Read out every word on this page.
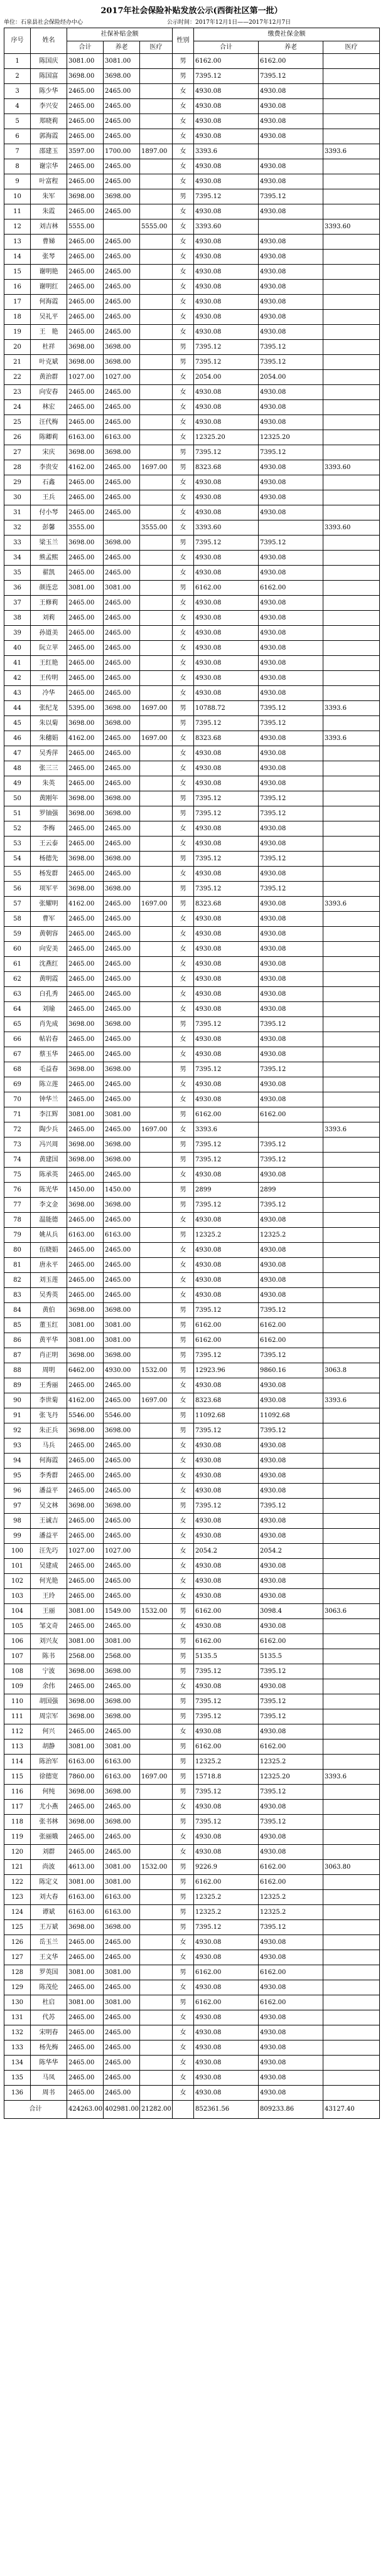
2017年社会保险补贴发放公示(西街社区第一批）
单位：石泉县社会保险经办中心	公示时间：2017年12月1日——2017年12月7日
序号	姓名	社保补贴金额			性别	缴费社保金额		
		合计	养老	医疗		合计	养老	医疗
1	陈国庆	3081.00	3081.00		男	6162.00	6162.00	
2	陈国富	3698.00	3698.00		男	7395.12	7395.12	
3	陈少华	2465.00	2465.00		女	4930.08	4930.08	
4	李兴安	2465.00	2465.00		女	4930.08	4930.08	
5	郑晓莉	2465.00	2465.00		女	4930.08	4930.08	
6	郭海霞	2465.00	2465.00		女	4930.08	4930.08	
7	邵建玉	3597.00	1700.00	1897.00	女	3393.6		3393.6
8	谢宗华	2465.00	2465.00		女	4930.08	4930.08	
9	叶富程	2465.00	2465.00		女	4930.08	4930.08	
10	朱军	3698.00	3698.00		男	7395.12	7395.12	
11	朱霞	2465.00	2465.00		女	4930.08	4930.08	
12	刘吉林	5555.00		5555.00	女	3393.60		3393.60
13	曹娣	2465.00	2465.00		女	4930.08	4930.08	
14	张琴	2465.00	2465.00		女	4930.08	4930.08	
15	谢明艳	2465.00	2465.00		女	4930.08	4930.08	
16	谢明红	2465.00	2465.00		女	4930.08	4930.08	
17	何海霞	2465.00	2465.00		女	4930.08	4930.08	
18	吴礼平	2465.00	2465.00		女	4930.08	4930.08	
19	王　艳	2465.00	2465.00		女	4930.08	4930.08	
20	杜祥	3698.00	3698.00		男	7395.12	7395.12	
21	叶克斌	3698.00	3698.00		男	7395.12	7395.12	
22	黄治群	1027.00	1027.00		女	2054.00	2054.00	
23	向安春	2465.00	2465.00		女	4930.08	4930.08	
24	林宏	2465.00	2465.00		女	4930.08	4930.08	
25	汪代梅	2465.00	2465.00		女	4930.08	4930.08	
26	陈卿莉	6163.00	6163.00		女	12325.20	12325.20	
27	宋庆	3698.00	3698.00		男	7395.12	7395.12	
28	李贵安	4162.00	2465.00	1697.00	男	8323.68	4930.08	3393.60
29	石鑫	2465.00	2465.00		女	4930.08	4930.08	
30	王兵	2465.00	2465.00		女	4930.08	4930.08	
31	付小琴	2465.00	2465.00		女	4930.08	4930.08	
32	彭馨	3555.00		3555.00	女	3393.60		3393.60
33	梁玉兰	3698.00	3698.00		男	7395.12	7395.12	
34	熊孟熙	2465.00	2465.00		女	4930.08	4930.08	
35	翟凯	2465.00	2465.00		女	4930.08	4930.08	
36	颜连忠	3081.00	3081.00		男	6162.00	6162.00	
37	王修莉	2465.00	2465.00		女	4930.08	4930.08	
38	刘莉	2465.00	2465.00		女	4930.08	4930.08	
39	孙道美	2465.00	2465.00		女	4930.08	4930.08	
40	阮立苹	2465.00	2465.00		女	4930.08	4930.08	
41	王红艳	2465.00	2465.00		女	4930.08	4930.08	
42	王传明	2465.00	2465.00		女	4930.08	4930.08	
43	冷华	2465.00	2465.00		女	4930.08	4930.08	
44	张纪龙	5395.00	3698.00	1697.00	男	10788.72	7395.12	3393.6
45	朱以菊	3698.00	3698.00		男	7395.12	7395.12	
46	朱穗娟	4162.00	2465.00	1697.00	女	8323.68	4930.08	3393.6
47	吴秀萍	2465.00	2465.00		女	4930.08	4930.08	
48	张三三	2465.00	2465.00		女	4930.08	4930.08	
49	朱英	2465.00	2465.00		女	4930.08	4930.08	
50	黄刚年	3698.00	3698.00		男	7395.12	7395.12	
51	罗铀强	3698.00	3698.00		男	7395.12	7395.12	
52	李梅	2465.00	2465.00		女	4930.08	4930.08	
53	王云泰	2465.00	2465.00		女	4930.08	4930.08	
54	杨德先	3698.00	3698.00		男	7395.12	7395.12	
55	杨发群	2465.00	2465.00		女	4930.08	4930.08	
56	项军平	3698.00	3698.00		男	7395.12	7395.12	
57	张耀明	4162.00	2465.00	1697.00	男	8323.68	4930.08	3393.6
58	曹军	2465.00	2465.00		女	4930.08	4930.08	
59	黄朝容	2465.00	2465.00		女	4930.08	4930.08	
60	向安美	2465.00	2465.00		女	4930.08	4930.08	
61	沈燕红	2465.00	2465.00		女	4930.08	4930.08	
62	黄明霞	2465.00	2465.00		女	4930.08	4930.08	
63	白孔秀	2465.00	2465.00		女	4930.08	4930.08	
64	刘瑜	2465.00	2465.00		女	4930.08	4930.08	
65	肖先成	3698.00	3698.00		男	7395.12	7395.12	
66	帖岩春	2465.00	2465.00		女	4930.08	4930.08	
67	蔡玉华	2465.00	2465.00		女	4930.08	4930.08	
68	毛益春	3698.00	3698.00		男	7395.12	7395.12	
69	陈立莲	2465.00	2465.00		女	4930.08	4930.08	
70	钟华兰	2465.00	2465.00		女	4930.08	4930.08	
71	李江辉	3081.00	3081.00		男	6162.00	6162.00	
72	陶少兵	2465.00	2465.00	1697.00	女	3393.6		3393.6
73	冯兴周	3698.00	3698.00		男	7395.12	7395.12	
74	黄建国	3698.00	3698.00		男	7395.12	7395.12	
75	陈承英	2465.00	2465.00		女	4930.08	4930.08	
76	陈光华	1450.00	1450.00		男	2899	2899	
77	李文金	3698.00	3698.00		男	7395.12	7395.12	
78	温能德	2465.00	2465.00		女	4930.08	4930.08	
79	姚从兵	6163.00	6163.00		男	12325.2	12325.2	
80	伍晓娟	2465.00	2465.00		女	4930.08	4930.08	
81	唐永平	2465.00	2465.00		女	4930.08	4930.08	
82	刘玉莲	2465.00	2465.00		女	4930.08	4930.08	
83	吴秀英	2465.00	2465.00		女	4930.08	4930.08	
84	黄伯	3698.00	3698.00		男	7395.12	7395.12	
85	董玉红	3081.00	3081.00		男	6162.00	6162.00	
86	黄平华	3081.00	3081.00		男	6162.00	6162.00	
87	肖正明	3698.00	3698.00		男	7395.12	7395.12	
88	周明	6462.00	4930.00	1532.00	男	12923.96	9860.16	3063.8
89	王秀丽	2465.00	2465.00		女	4930.08	4930.08	
90	李世菊	4162.00	2465.00	1697.00	女	8323.68	4930.08	3393.6
91	张飞丹	5546.00	5546.00		男	11092.68	11092.68	
92	朱正兵	3698.00	3698.00		男	7395.12	7395.12	
93	马兵	2465.00	2465.00		女	4930.08	4930.08	
94	何海霞	2465.00	2465.00		女	4930.08	4930.08	
95	李秀群	2465.00	2465.00		女	4930.08	4930.08	
96	潘益平	2465.00	2465.00		女	4930.08	4930.08	
97	吴文林	3698.00	3698.00		男	7395.12	7395.12	
98	王诚吉	2465.00	2465.00		女	4930.08	4930.08	
99	潘益平	2465.00	2465.00		女	4930.08	4930.08	
100	汪先巧	1027.00	1027.00		女	2054.2	2054.2	
101	吴建成	2465.00	2465.00		女	4930.08	4930.08	
102	何光艳	2465.00	2465.00		女	4930.08	4930.08	
103	王玲	2465.00	2465.00		女	4930.08	4930.08	
104	王丽	3081.00	1549.00	1532.00	男	6162.00	3098.4	3063.6
105	邹文奇	2465.00	2465.00		女	4930.08	4930.08	
106	刘兴友	3081.00	3081.00		男	6162.00	6162.00	
107	陈书	2568.00	2568.00		男	5135.5	5135.5	
108	宁波	3698.00	3698.00		男	7395.12	7395.12	
109	余伟	2465.00	2465.00		女	4930.08	4930.08	
110	胡国强	3698.00	3698.00		男	7395.12	7395.12	
111	周宗军	3698.00	3698.00		男	7395.12	7395.12	
112	何兴	2465.00	2465.00		女	4930.08	4930.08	
113	胡静	3081.00	3081.00		男	6162.00	6162.00	
114	陈治军	6163.00	6163.00		男	12325.2	12325.2	
115	徐德宽	7860.00	6163.00	1697.00	男	15718.8	12325.20	3393.6
116	何纯	3698.00	3698.00		男	7395.12	7395.12	
117	尤小燕	2465.00	2465.00		女	4930.08	4930.08	
118	张书林	3698.00	3698.00		男	7395.12	7395.12	
119	张丽娥	2465.00	2465.00		女	4930.08	4930.08	
120	刘群	2465.00	2465.00		女	4930.08	4930.08	
121	尚波	4613.00	3081.00	1532.00	男	9226.9	6162.00	3063.80
122	陈定义	3081.00	3081.00		男	6162.00	6162.00	
123	刘大春	6163.00	6163.00		男	12325.2	12325.2	
124	谭斌	6163.00	6163.00		男	12325.2	12325.2	
125	王万斌	3698.00	3698.00		男	7395.12	7395.12	
126	岳玉兰	2465.00	2465.00		女	4930.08	4930.08	
127	王文华	2465.00	2465.00		女	4930.08	4930.08	
128	罗英国	3081.00	3081.00		男	6162.00	6162.00	
129	陈茂伦	2465.00	2465.00		女	4930.08	4930.08	
130	杜启	3081.00	3081.00		男	6162.00	6162.00	
131	代苏	2465.00	2465.00		女	4930.08	4930.08	
132	宋明春	2465.00	2465.00		女	4930.08	4930.08	
133	杨先梅	2465.00	2465.00		女	4930.08	4930.08	
134	陈华华	2465.00	2465.00		女	4930.08	4930.08	
135	马凤	2465.00	2465.00		女	4930.08	4930.08	
136	周书	2465.00	2465.00		女	4930.08	4930.08	
合计		424263.00	402981.00	21282.00		852361.56	809233.86	43127.40
